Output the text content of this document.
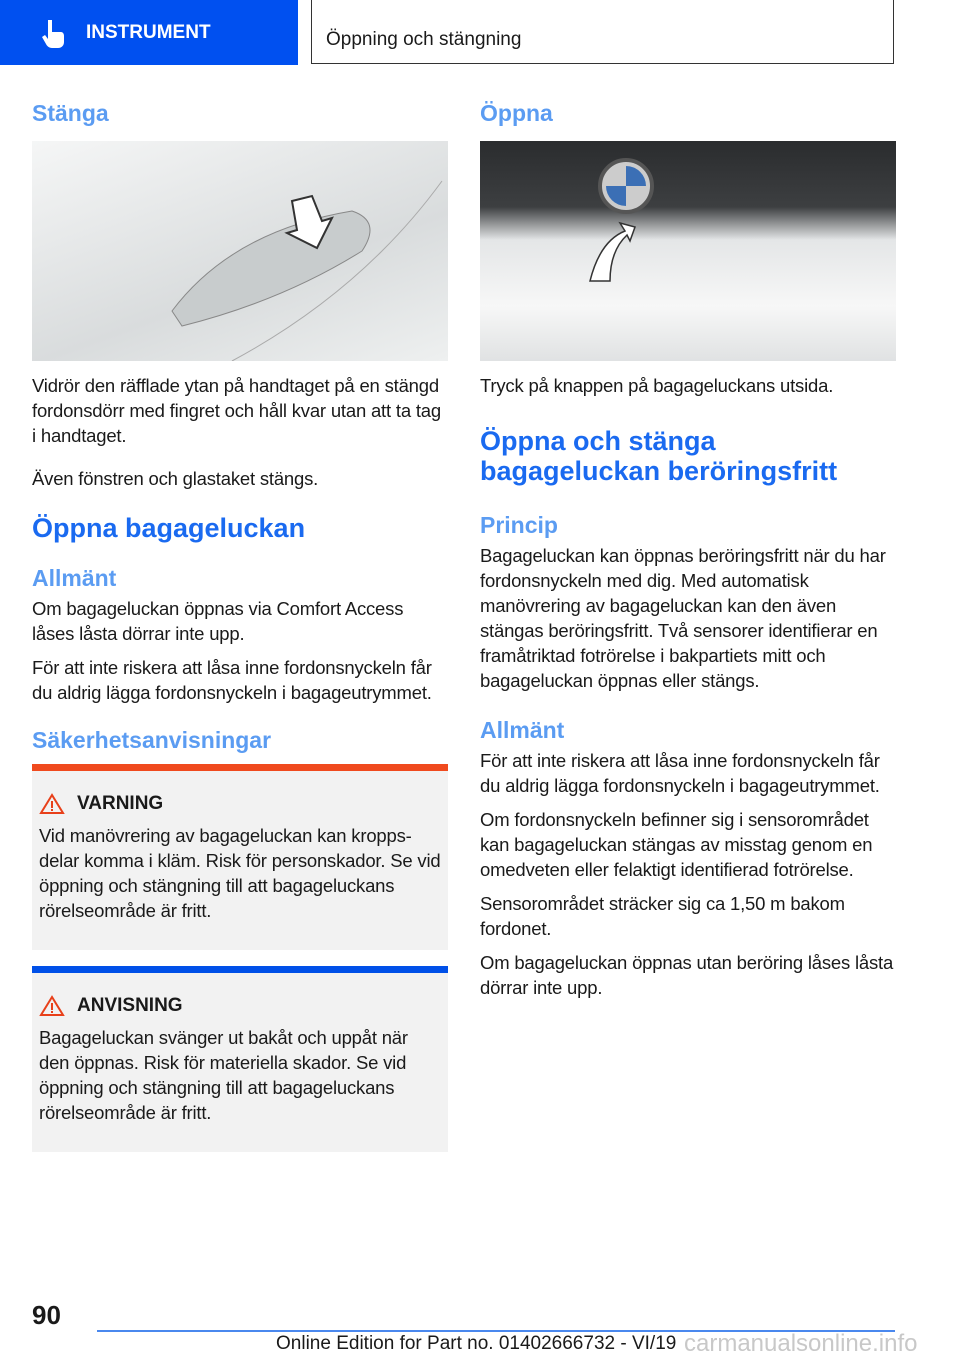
INSTRUMENT	Öppning och stängning
Stänga

Vidrör den räfflade ytan på handtaget på en stängd fordonsdörr med fingret och håll kvar utan att ta tag i handtaget.

Även fönstren och glastaket stängs.

Öppna bagageluckan
Allmänt

Om bagageluckan öppnas via Comfort Access låses låsta dörrar inte upp.

För att inte riskera att låsa inne fordonsnyckeln får du aldrig lägga fordonsnyckeln i bagageutrymmet.

Säkerhetsanvisningar
VARNING

Vid manövrering av bagageluckan kan kroppsdelar komma i kläm. Risk för personskador. Se vid öppning och stängning till att bagageluckans rörelseområde är fritt.

ANVISNING

Bagageluckan svänger ut bakåt och uppåt när den öppnas. Risk för materiella skador. Se vid öppning och stängning till att bagageluckans rörelseområde är fritt.

Öppna

Tryck på knappen på bagageluckans utsida.

Öppna och stänga bagageluckan beröringsfritt
Princip

Bagageluckan kan öppnas beröringsfritt när du har fordonsnyckeln med dig. Med automatisk manövrering av bagageluckan kan den även stängas beröringsfritt. Två sensorer identifierar en framåtriktad fotrörelse i bakpartiets mitt och bagageluckan öppnas eller stängs.

Allmänt

För att inte riskera att låsa inne fordonsnyckeln får du aldrig lägga fordonsnyckeln i bagageutrymmet.

Om fordonsnyckeln befinner sig i sensorområdet kan bagageluckan stängas av misstag genom en omedveten eller felaktigt identifierad fotrörelse.

Sensorområdet sträcker sig ca 1,50 m bakom fordonet.

Om bagageluckan öppnas utan beröring låses låsta dörrar inte upp.

90
Online Edition for Part no. 01402666732 - VI/19 carmanualsonline.info
